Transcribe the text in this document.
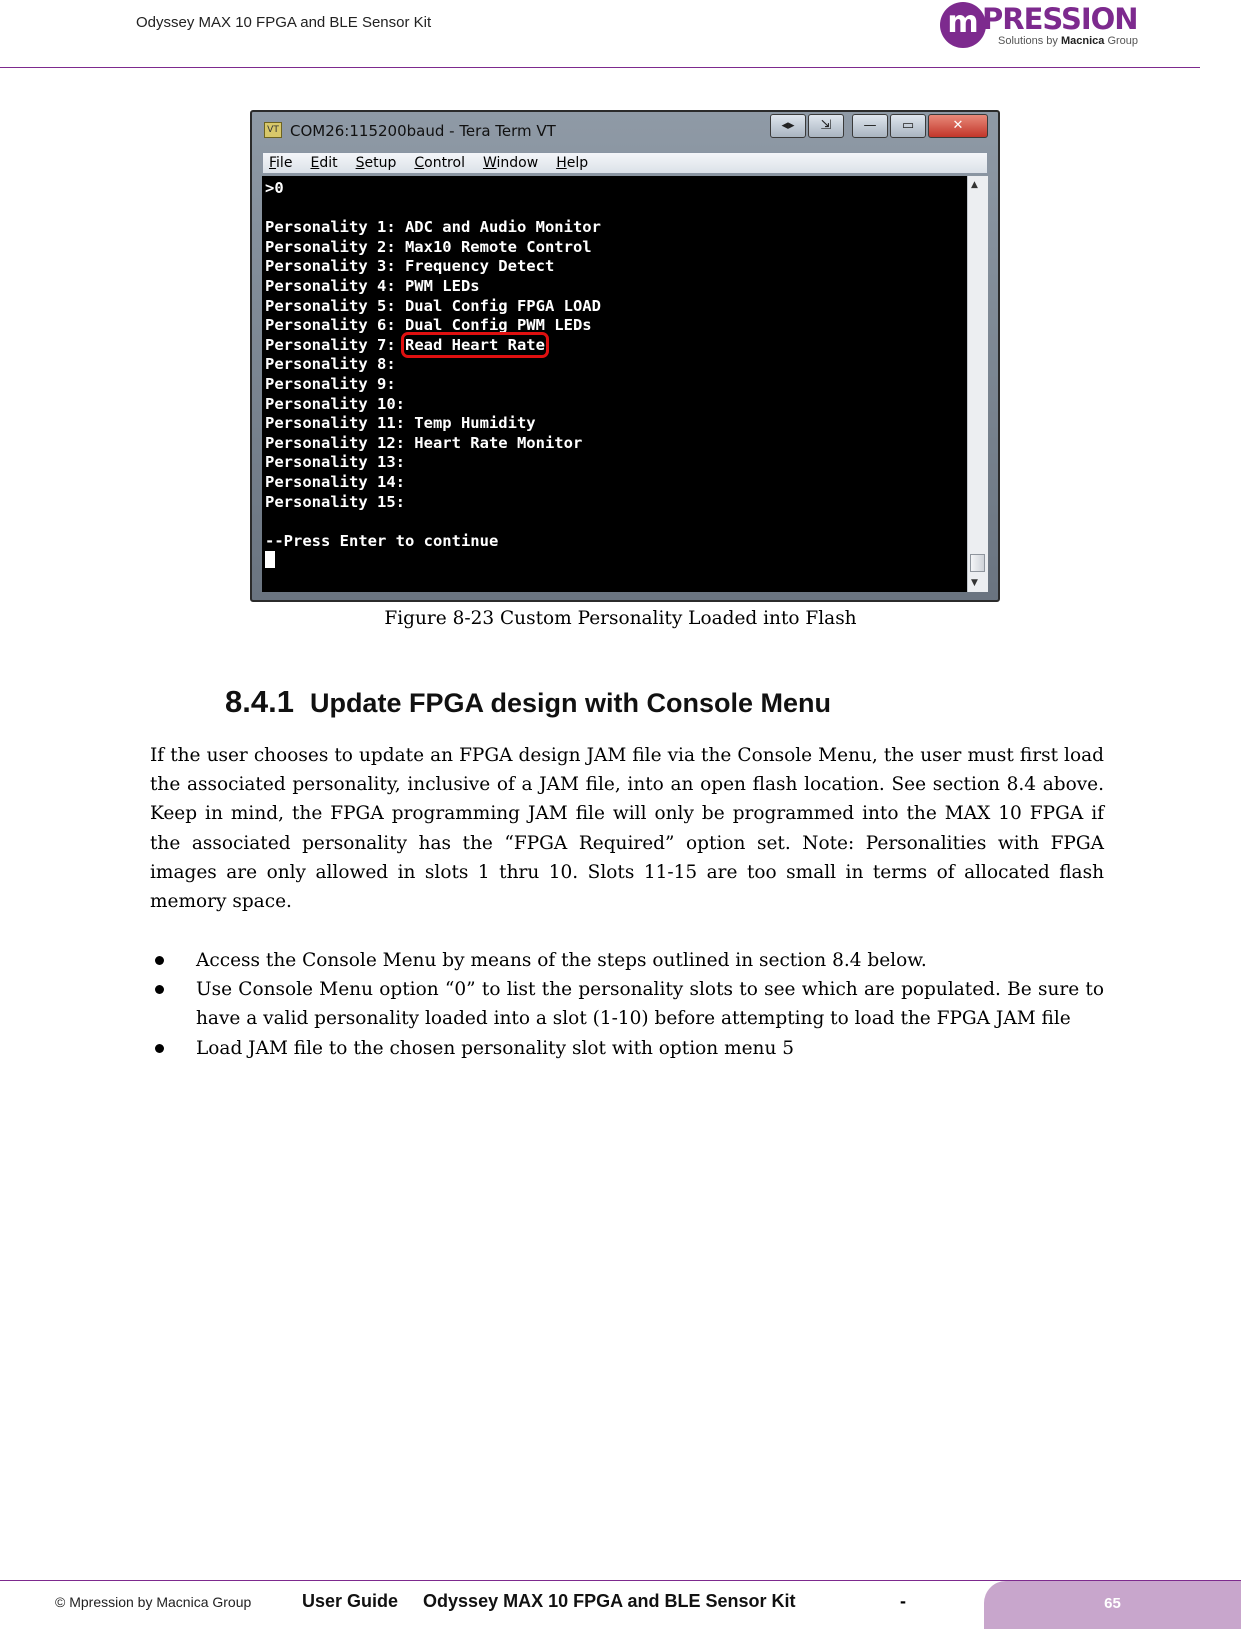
Odyssey MAX 10 FPGA and BLE Sensor Kit	m PRESSION
Solutions by Macnica Group
VT COM26:115200baud - Tera Term VT	◂▸	⇲	—	▭	✕
File Edit Setup Control Window Help
>0

Personality 1: ADC and Audio Monitor
Personality 2: Max10 Remote Control
Personality 3: Frequency Detect
Personality 4: PWM LEDs
Personality 5: Dual Config FPGA LOAD
Personality 6: Dual Config PWM LEDs
Personality 7: Read Heart Rate
Personality 8:
Personality 9:
Personality 10:
Personality 11: Temp Humidity
Personality 12: Heart Rate Monitor
Personality 13:
Personality 14:
Personality 15:

--Press Enter to continue

▲
▼
Figure 8-23 Custom Personality Loaded into Flash
8.4.1 Update FPGA design with Console Menu
If the user chooses to update an FPGA design JAM file via the Console Menu, the user must first load the associated personality, inclusive of a JAM file, into an open flash location. See section 8.4 above. Keep in mind, the FPGA programming JAM file will only be programmed into the MAX 10 FPGA if the associated personality has the “FPGA Required” option set. Note: Personalities with FPGA images are only allowed in slots 1 thru 10. Slots 11-15 are too small in terms of allocated flash memory space.
Access the Console Menu by means of the steps outlined in section 8.4 below.
Use Console Menu option “0” to list the personality slots to see which are populated. Be sure to have a valid personality loaded into a slot (1-10) before attempting to load the FPGA JAM file
Load JAM file to the chosen personality slot with option menu 5
© Mpression by Macnica Group	User Guide     Odyssey MAX 10 FPGA and BLE Sensor Kit	-	65
